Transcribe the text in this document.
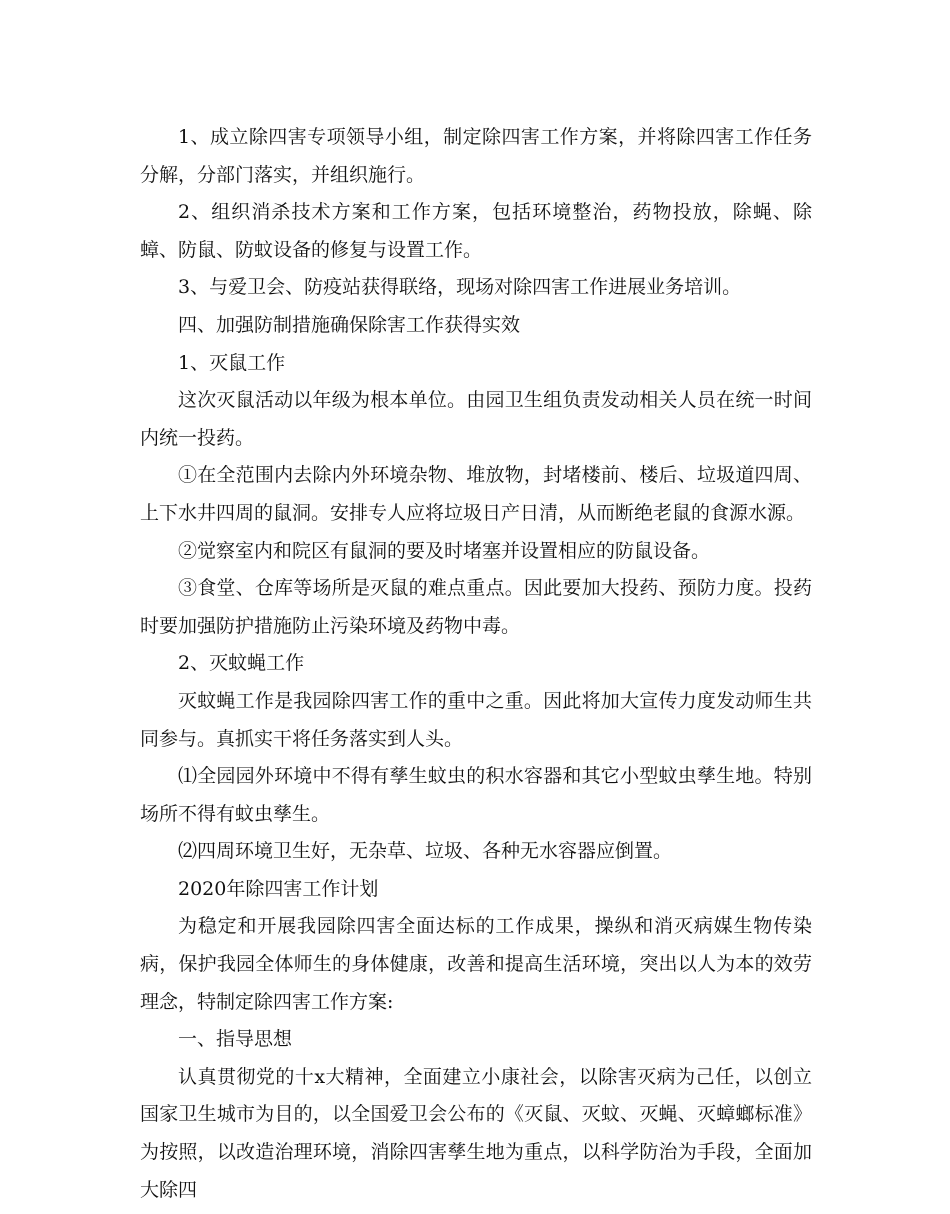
1、成立除四害专项领导小组，制定除四害工作方案，并将除四害工作任务分解，分部门落实，并组织施行。

2、组织消杀技术方案和工作方案，包括环境整治，药物投放，除蝇、除蟑、防鼠、防蚊设备的修复与设置工作。

3、与爱卫会、防疫站获得联络，现场对除四害工作进展业务培训。

四、加强防制措施确保除害工作获得实效

1、灭鼠工作

这次灭鼠活动以年级为根本单位。由园卫生组负责发动相关人员在统一时间内统一投药。

①在全范围内去除内外环境杂物、堆放物，封堵楼前、楼后、垃圾道四周、上下水井四周的鼠洞。安排专人应将垃圾日产日清，从而断绝老鼠的食源水源。

②觉察室内和院区有鼠洞的要及时堵塞并设置相应的防鼠设备。

③食堂、仓库等场所是灭鼠的难点重点。因此要加大投药、预防力度。投药时要加强防护措施防止污染环境及药物中毒。

2、灭蚊蝇工作

灭蚊蝇工作是我园除四害工作的重中之重。因此将加大宣传力度发动师生共同参与。真抓实干将任务落实到人头。

⑴全园园外环境中不得有孳生蚊虫的积水容器和其它小型蚊虫孳生地。特别场所不得有蚊虫孳生。

⑵四周环境卫生好，无杂草、垃圾、各种无水容器应倒置。

2020年除四害工作计划

为稳定和开展我园除四害全面达标的工作成果，操纵和消灭病媒生物传染病，保护我园全体师生的身体健康，改善和提高生活环境，突出以人为本的效劳理念，特制定除四害工作方案:

一、指导思想

认真贯彻党的十x大精神，全面建立小康社会，以除害灭病为己任，以创立国家卫生城市为目的，以全国爱卫会公布的《灭鼠、灭蚊、灭蝇、灭蟑螂标准》为按照，以改造治理环境，消除四害孳生地为重点，以科学防治为手段，全面加大除四
